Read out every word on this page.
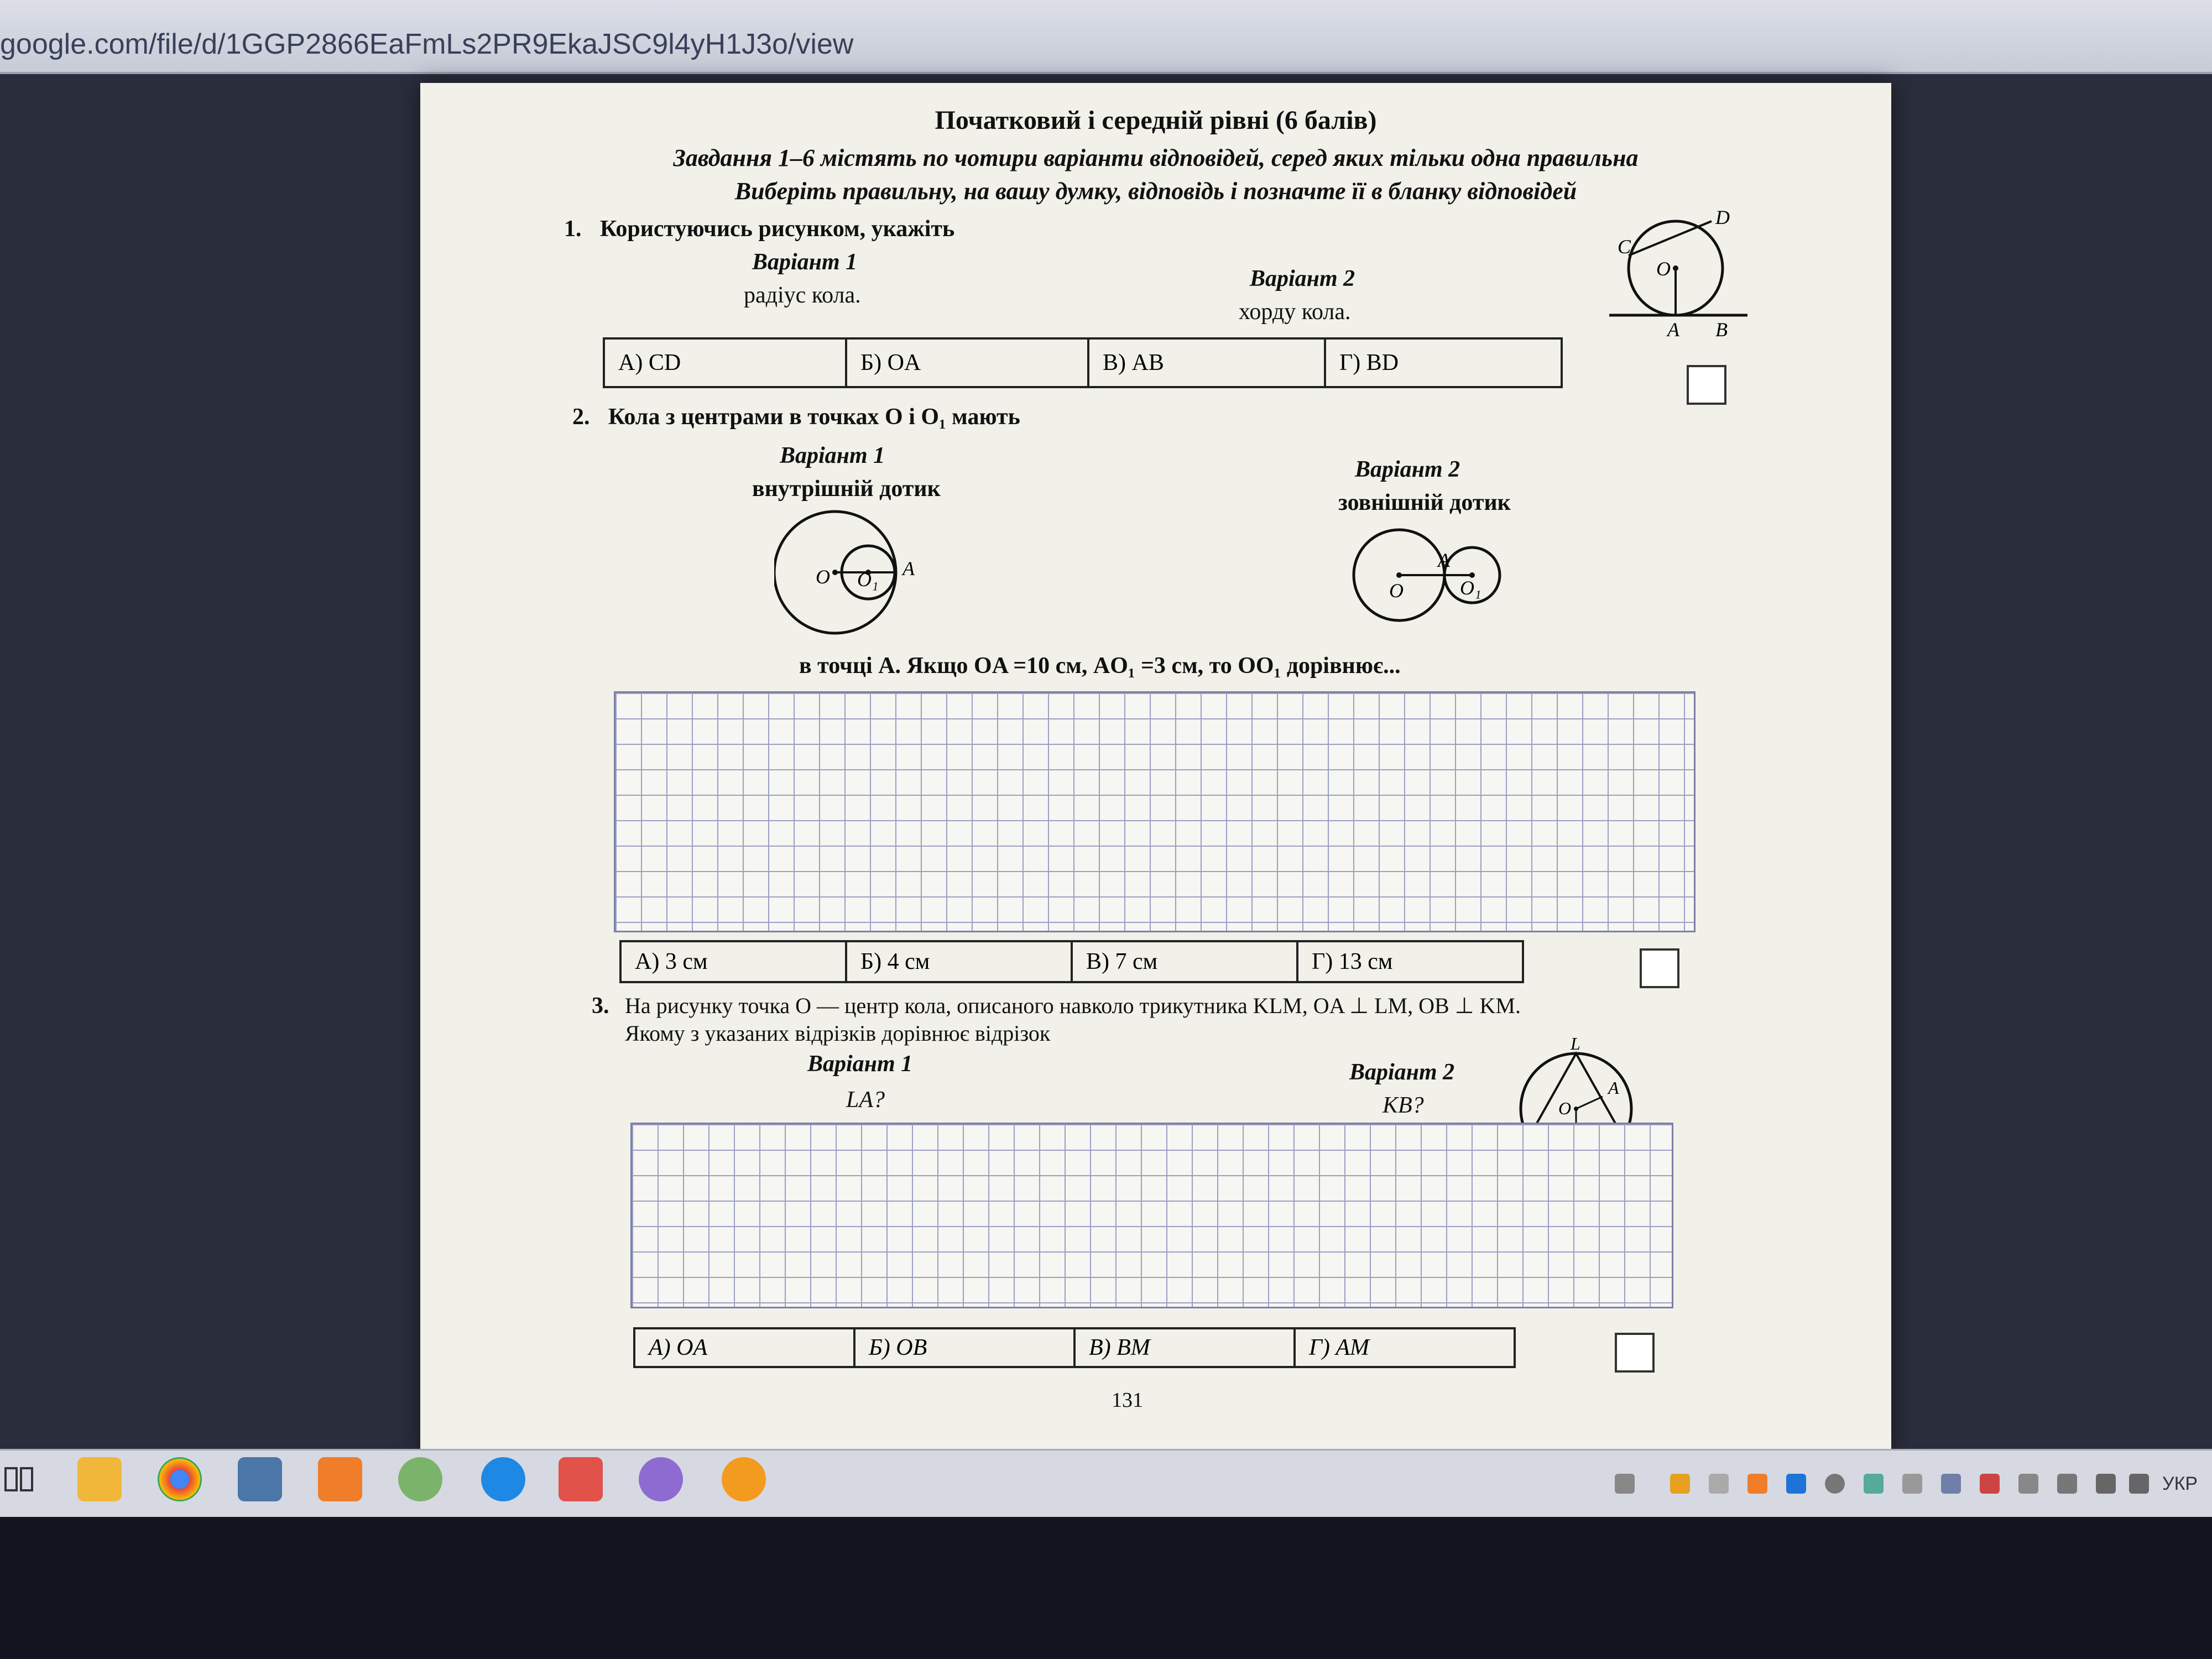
google.com/file/d/1GGP2866EaFmLs2PR9EkaJSC9l4yH1J3o/view
Початковий і середній рівні (6 балів)
Завдання 1–6 містять по чотири варіанти відповідей, серед яких тільки одна правильна
Виберіть правильну, на вашу думку, відповідь і позначте її в бланку відповідей
1. Користуючись рисунком, укажіть
Варіант 1
радіус кола.
Варіант 2
хорду кола.
C
D
O
A B
А) CD	Б) OA	В) AB	Г) BD
2. Кола з центрами в точках O і O₁ мають
Варіант 1
внутрішній дотик
Варіант 2
зовнішній дотик
O O₁ A
O	O₁
A
в точці A. Якщо OA =10 см, AO₁ =3 см, то OO₁ дорівнює...
А) 3 см	Б) 4 см	В) 7 см	Г) 13 см
3. На рисунку точка O — центр кола, описаного навколо трикутника KLM, OA ⊥ LM, OB ⊥ KM.
Якому з указаних відрізків дорівнює відрізок
Варіант 1
LA?
Варіант 2
KB?
L
A
O
А) OA	Б) OB	В) BM	Г) AM
131
УКР
